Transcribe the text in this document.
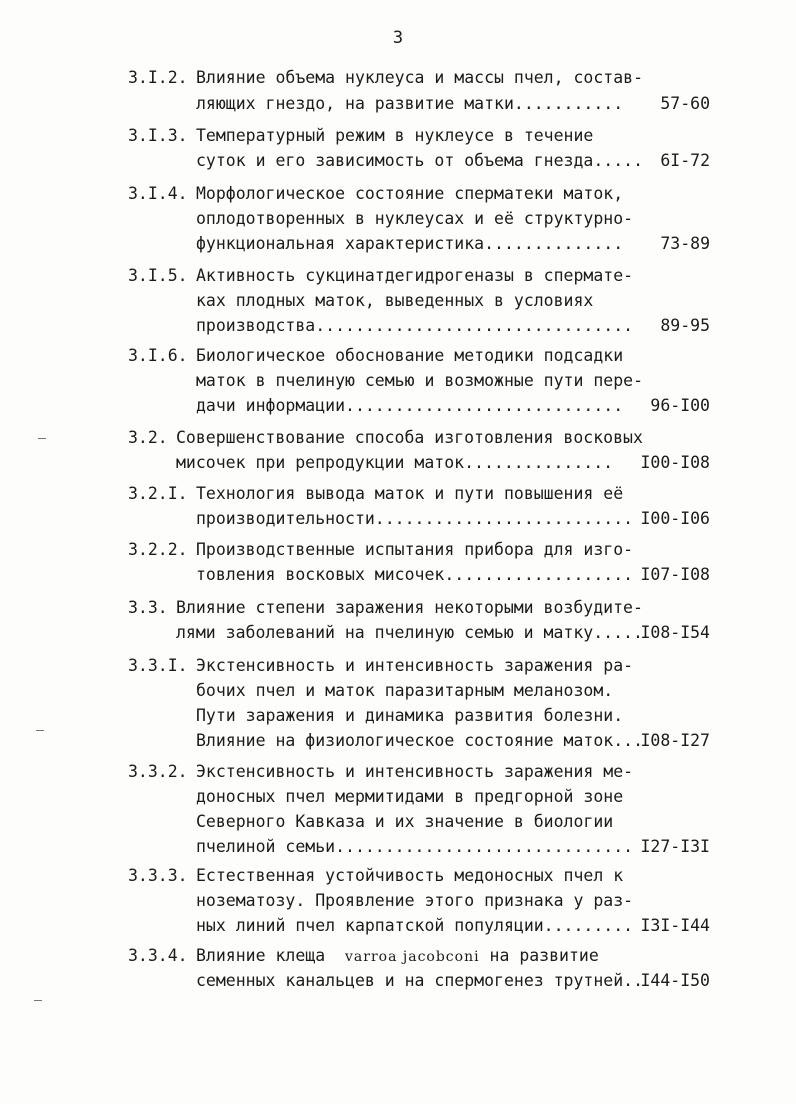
3
3.I.2. Влияние объема нуклеуса и массы пчел, состав-
ляющих гнездо, на развитие матки...........	57-60
3.I.3. Температурный режим в нуклеусе в течение
суток и его зависимость от объема гнезда.....	6I-72
3.I.4. Морфологическое состояние сперматеки маток,
оплодотворенных в нуклеусах и её структурно-
функциональная характеристика..............	73-89
3.I.5. Активность сукцинатдегидрогеназы в спермате-
ках плодных маток, выведенных в условиях
производства................................	89-95
3.I.6. Биологическое обоснование методики подсадки
маток в пчелиную семью и возможные пути пере-
дачи информации............................	96-I00
3.2. Совершенствование способа изготовления восковых
мисочек при репродукции маток...............	I00-I08
3.2.I. Технология вывода маток и пути повышения её
производительности.......................... I00-I06
3.2.2. Производственные испытания прибора для изго-
товления восковых мисочек................... I07-I08
3.3. Влияние степени заражения некоторыми возбудите-
лями заболеваний на пчелиную семью и матку.....
I08-I54
3.3.I. Экстенсивность и интенсивность заражения ра-
бочих пчел и маток паразитарным меланозом.
Пути заражения и динамика развития болезни.
Влияние на физиологическое состояние маток...
I08-I27
3.3.2. Экстенсивность и интенсивность заражения ме-
доносных пчел мермитидами в предгорной зоне
Северного Кавказа и их значение в биологии
пчелиной семьи.............................. I27-I3I
3.3.3. Естественная устойчивость медоносных пчел к
нозематозу. Проявление этого признака у раз-
ных линий пчел карпатской популяции......... I3I-I44
3.3.4. Влияние клеща varroa jacobconi на развитие
семенных канальцев и на спермогенез трутней..
I44-I50
